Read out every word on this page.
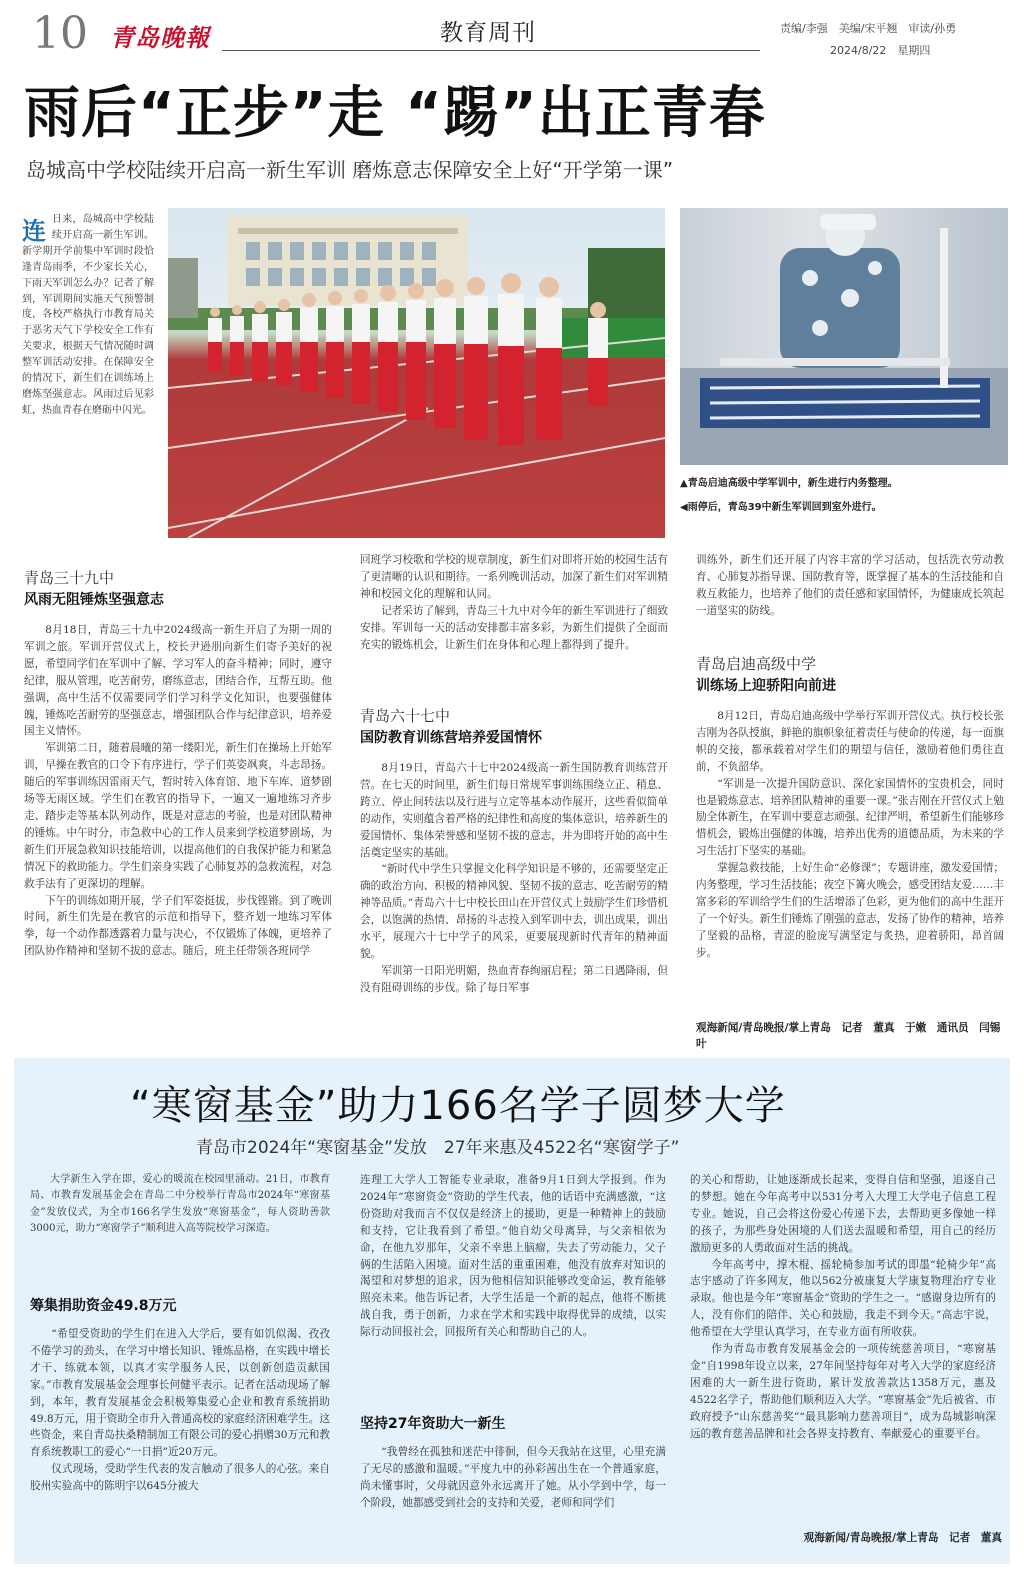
10 青岛晚報	教育周刊	责编/李强　美编/宋平翘　审读/孙勇
2024/8/22　星期四
雨后“正步”走 “踢”出正青春
岛城高中学校陆续开启高一新生军训 磨炼意志保障安全上好“开学第一课”
连 日来，岛城高中学校陆续开启高一新生军训。新学期开学前集中军训时段恰逢青岛雨季，不少家长关心，下雨天军训怎么办？记者了解到，军训期间实施天气预警制度，各校严格执行市教育局关于恶劣天气下学校安全工作有关要求，根据天气情况随时调整军训活动安排。在保障安全的情况下，新生们在训练场上磨炼坚强意志。风雨过后见彩虹，热血青春在磨砺中闪光。
▲青岛启迪高级中学军训中，新生进行内务整理。
◀雨停后，青岛39中新生军训回到室外进行。
青岛三十九中
风雨无阻锤炼坚强意志
8月18日，青岛三十九中2024级高一新生开启了为期一周的军训之旅。军训开营仪式上，校长尹逊朋向新生们寄予美好的祝愿，希望同学们在军训中了解、学习军人的奋斗精神；同时，遵守纪律，服从管理，吃苦耐劳，磨练意志，团结合作，互帮互助。他强调，高中生活不仅需要同学们学习科学文化知识，也要强健体魄，锤炼吃苦耐劳的坚强意志，增强团队合作与纪律意识，培养爱国主义情怀。
军训第二日，随着晨曦的第一缕阳光，新生们在操场上开始军训，早操在教官的口令下有序进行，学子们英姿飒爽，斗志昂扬。随后的军事训练因雷雨天气，暂时转入体育馆、地下车库、道梦剧场等无雨区域。学生们在教官的指导下，一遍又一遍地练习齐步走、踏步走等基本队列动作，既是对意志的考验，也是对团队精神的锤炼。中午时分，市急救中心的工作人员来到学校道梦剧场，为新生们开展急救知识技能培训，以提高他们的自我保护能力和紧急情况下的救助能力。学生们亲身实践了心肺复苏的急救流程，对急救手法有了更深切的理解。
下午的训练如期开展，学子们军姿挺拔，步伐铿锵。到了晚训时间，新生们先是在教官的示范和指导下，整齐划一地练习军体拳，每一个动作都透露着力量与决心，不仅锻炼了体魄，更培养了团队协作精神和坚韧不拔的意志。随后，班主任带领各班同学
回班学习校歌和学校的规章制度，新生们对即将开始的校园生活有了更清晰的认识和期待。一系列晚训活动，加深了新生们对军训精神和校园文化的理解和认同。
记者采访了解到，青岛三十九中对今年的新生军训进行了细致安排。军训每一天的活动安排都丰富多彩，为新生们提供了全面而充实的锻炼机会，让新生们在身体和心理上都得到了提升。
青岛六十七中
国防教育训练营培养爱国情怀
8月19日，青岛六十七中2024级高一新生国防教育训练营开营。在七天的时间里，新生们每日常规军事训练围绕立正、稍息、跨立、停止间转法以及行进与立定等基本动作展开，这些看似简单的动作，实则蕴含着严格的纪律性和高度的集体意识，培养新生的爱国情怀、集体荣誉感和坚韧不拔的意志，并为即将开始的高中生活奠定坚实的基础。
“新时代中学生只掌握文化科学知识是不够的，还需要坚定正确的政治方向、积极的精神风貌、坚韧不拔的意志、吃苦耐劳的精神等品质。”青岛六十七中校长田山在开营仪式上鼓励学生们珍惜机会，以饱满的热情、昂扬的斗志投入到军训中去，训出成果，训出水平，展现六十七中学子的风采，更要展现新时代青年的精神面貌。
军训第一日阳光明媚，热血青春绚丽启程；第二日遇降雨，但没有阻碍训练的步伐。除了每日军事
训练外，新生们还开展了内容丰富的学习活动，包括洗衣劳动教育、心肺复苏指导课、国防教育等，既掌握了基本的生活技能和自救互救能力，也培养了他们的责任感和家国情怀，为健康成长筑起一道坚实的防线。
青岛启迪高级中学
训练场上迎骄阳向前进
8月12日，青岛启迪高级中学举行军训开营仪式。执行校长张吉刚为各队授旗，鲜艳的旗帜象征着责任与使命的传递，每一面旗帜的交接，都承载着对学生们的期望与信任，激励着他们勇往直前，不负韶华。
“军训是一次提升国防意识、深化家国情怀的宝贵机会，同时也是锻炼意志、培养团队精神的重要一课。”张吉刚在开营仪式上勉励全体新生，在军训中要意志顽强、纪律严明，希望新生们能够珍惜机会，锻炼出强健的体魄，培养出优秀的道德品质，为未来的学习生活打下坚实的基础。
掌握急救技能，上好生命“必修课”；专题讲座，激发爱国情；内务整理，学习生活技能；夜空下篝火晚会，感受团结友爱……丰富多彩的军训给学生们的生活增添了色彩，更为他们的高中生涯开了一个好头。新生们锤炼了刚强的意志，发扬了协作的精神，培养了坚毅的品格，青涩的脸庞写满坚定与炙热，迎着骄阳，昂首阔步。
观海新闻/青岛晚报/掌上青岛　记者　董真　于嫩　通讯员　闫锡叶
“寒窗基金”助力166名学子圆梦大学
青岛市2024年“寒窗基金”发放　27年来惠及4522名“寒窗学子”
大学新生入学在即，爱心的暖流在校园里涌动。21日，市教育局、市教育发展基金会在青岛二中分校举行青岛市2024年“寒窗基金”发放仪式，为全市166名学生发放“寒窗基金”，每人资助善款3000元，助力“寒窗学子”顺利进入高等院校学习深造。
筹集捐助资金49.8万元
“希望受资助的学生们在进入大学后，要有如饥似渴、孜孜不倦学习的劲头，在学习中增长知识、锤炼品格，在实践中增长才干、练就本领，以真才实学服务人民，以创新创造贡献国家。”市教育发展基金会理事长何健平表示。记者在活动现场了解到，本年，教育发展基金会积极筹集爱心企业和教育系统捐助49.8万元，用于资助全市升入普通高校的家庭经济困难学生。这些资金，来自青岛扶桑精制加工有限公司的爱心捐赠30万元和教育系统教职工的爱心“一日捐”近20万元。
仪式现场，受助学生代表的发言触动了很多人的心弦。来自胶州实验高中的陈明宇以645分被大
连理工大学人工智能专业录取，准备9月1日到大学报到。作为2024年“寒窗资金”资助的学生代表，他的话语中充满感激，“这份资助对我而言不仅仅是经济上的援助，更是一种精神上的鼓励和支持，它让我看到了希望。”他自幼父母离异，与父亲相依为命，在他九岁那年，父亲不幸患上脑瘤，失去了劳动能力，父子俩的生活陷入困境。面对生活的重重困难，他没有放弃对知识的渴望和对梦想的追求，因为他相信知识能够改变命运，教育能够照亮未来。他告诉记者，大学生活是一个新的起点，他将不断挑战自我，勇于创新，力求在学术和实践中取得优异的成绩，以实际行动回报社会，回报所有关心和帮助自己的人。
坚持27年资助大一新生
“我曾经在孤独和迷茫中徘徊，但今天我站在这里，心里充满了无尽的感激和温暖。”平度九中的孙彩茜出生在一个普通家庭，尚未懂事时，父母就因意外永远离开了她。从小学到中学，每一个阶段，她都感受到社会的支持和关爱，老师和同学们
的关心和帮助，让她逐渐成长起来，变得自信和坚强，追逐自己的梦想。她在今年高考中以531分考入大理工大学电子信息工程专业。她说，自己会将这份爱心传递下去，去帮助更多像她一样的孩子，为那些身处困境的人们送去温暖和希望，用自己的经历激励更多的人勇敢面对生活的挑战。
今年高考中，撑木棍、摇轮椅参加考试的即墨“轮椅少年”高志宇感动了许多网友，他以562分被康复大学康复物理治疗专业录取。他也是今年“寒窗基金”资助的学生之一。“感谢身边所有的人，没有你们的陪伴、关心和鼓励，我走不到今天。”高志宇说，他希望在大学里认真学习，在专业方面有所收获。
作为青岛市教育发展基金会的一项传统慈善项目，“寒窗基金”自1998年设立以来，27年间坚持每年对考入大学的家庭经济困难的大一新生进行资助，累计发放善款达1358万元，惠及4522名学子，帮助他们顺利迈入大学。“寒窗基金”先后被省、市政府授予“山东慈善奖”“最具影响力慈善项目”，成为岛城影响深远的教育慈善品牌和社会各界支持教育、奉献爱心的重要平台。
观海新闻/青岛晚报/掌上青岛　记者　董真
